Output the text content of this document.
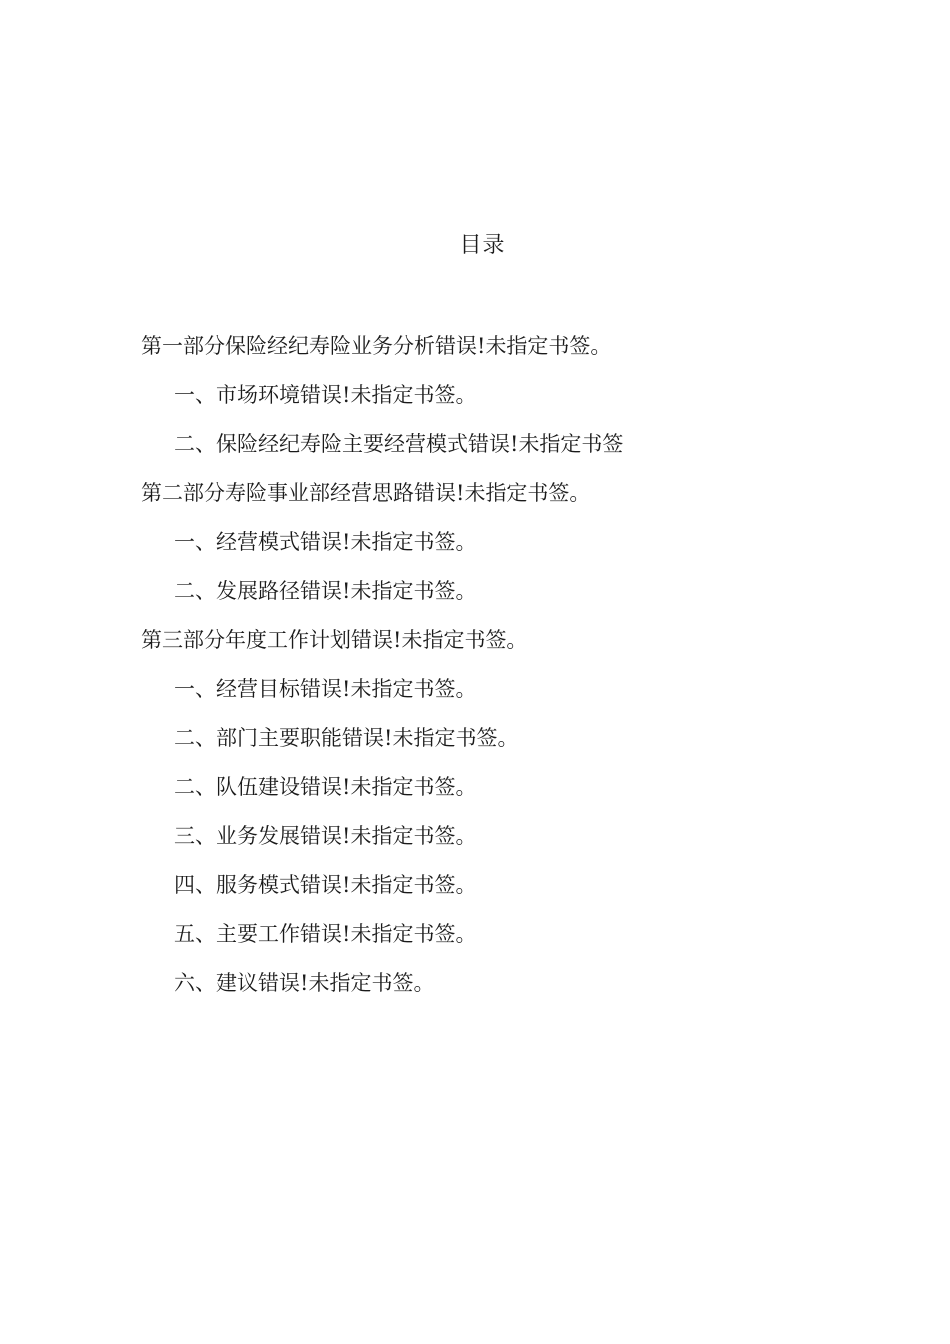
目录
第一部分保险经纪寿险业务分析错误!未指定书签。
一、市场环境错误!未指定书签。
二、保险经纪寿险主要经营模式错误!未指定书签
第二部分寿险事业部经营思路错误!未指定书签。
一、经营模式错误!未指定书签。
二、发展路径错误!未指定书签。
第三部分年度工作计划错误!未指定书签。
一、经营目标错误!未指定书签。
二、部门主要职能错误!未指定书签。
二、队伍建设错误!未指定书签。
三、业务发展错误!未指定书签。
四、服务模式错误!未指定书签。
五、主要工作错误!未指定书签。
六、建议错误!未指定书签。
